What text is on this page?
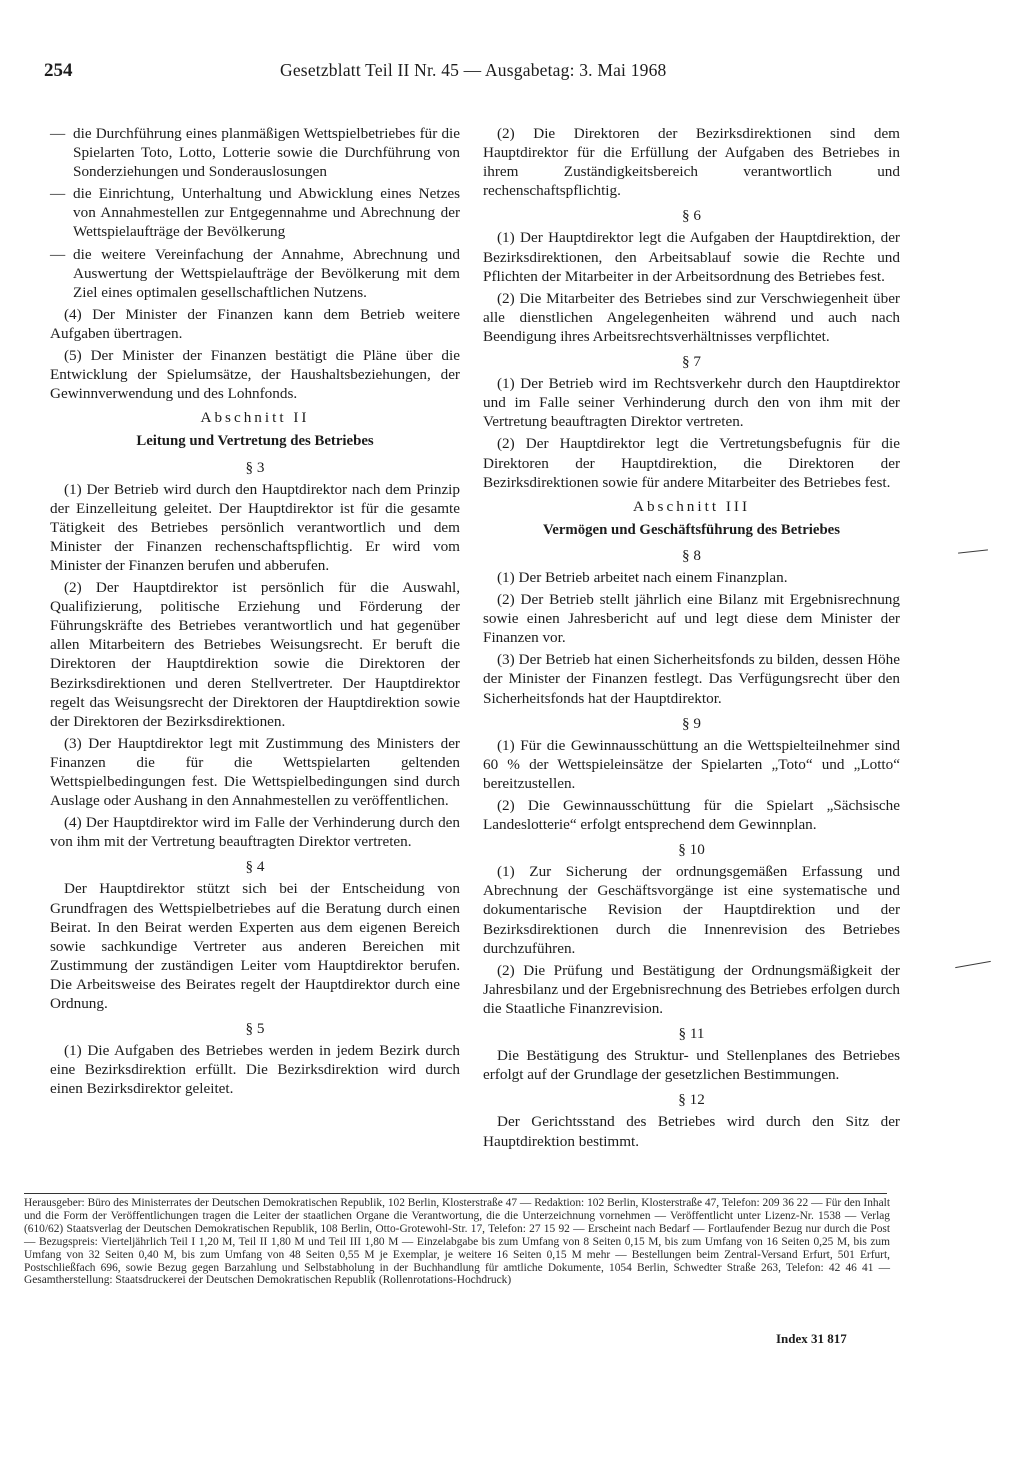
254	Gesetzblatt Teil II Nr. 45 — Ausgabetag: 3. Mai 1968

— die Durchführung eines planmäßigen Wettspielbetriebes für die Spielarten Toto, Lotto, Lotterie sowie die Durchführung von Sonderziehungen und Sonderauslosungen

— die Einrichtung, Unterhaltung und Abwicklung eines Netzes von Annahmestellen zur Entgegennahme und Abrechnung der Wettspielaufträge der Bevölkerung

— die weitere Vereinfachung der Annahme, Abrechnung und Auswertung der Wettspielaufträge der Bevölkerung mit dem Ziel eines optimalen gesellschaftlichen Nutzens.

(4) Der Minister der Finanzen kann dem Betrieb weitere Aufgaben übertragen.

(5) Der Minister der Finanzen bestätigt die Pläne über die Entwicklung der Spielumsätze, der Haushaltsbeziehungen, der Gewinnverwendung und des Lohnfonds.

Abschnitt II

Leitung und Vertretung des Betriebes

§ 3

(1) Der Betrieb wird durch den Hauptdirektor nach dem Prinzip der Einzelleitung geleitet. Der Hauptdirektor ist für die gesamte Tätigkeit des Betriebes persönlich verantwortlich und dem Minister der Finanzen rechenschaftspflichtig. Er wird vom Minister der Finanzen berufen und abberufen.

(2) Der Hauptdirektor ist persönlich für die Auswahl, Qualifizierung, politische Erziehung und Förderung der Führungskräfte des Betriebes verantwortlich und hat gegenüber allen Mitarbeitern des Betriebes Weisungsrecht. Er beruft die Direktoren der Hauptdirektion sowie die Direktoren der Bezirksdirektionen und deren Stellvertreter. Der Hauptdirektor regelt das Weisungsrecht der Direktoren der Hauptdirektion sowie der Direktoren der Bezirksdirektionen.

(3) Der Hauptdirektor legt mit Zustimmung des Ministers der Finanzen die für die Wettspielarten geltenden Wettspielbedingungen fest. Die Wettspielbedingungen sind durch Auslage oder Aushang in den Annahmestellen zu veröffentlichen.

(4) Der Hauptdirektor wird im Falle der Verhinderung durch den von ihm mit der Vertretung beauftragten Direktor vertreten.

§ 4

Der Hauptdirektor stützt sich bei der Entscheidung von Grundfragen des Wettspielbetriebes auf die Beratung durch einen Beirat. In den Beirat werden Experten aus dem eigenen Bereich sowie sachkundige Vertreter aus anderen Bereichen mit Zustimmung der zuständigen Leiter vom Hauptdirektor berufen. Die Arbeitsweise des Beirates regelt der Hauptdirektor durch eine Ordnung.

§ 5

(1) Die Aufgaben des Betriebes werden in jedem Bezirk durch eine Bezirksdirektion erfüllt. Die Bezirksdirektion wird durch einen Bezirksdirektor geleitet.

(2) Die Direktoren der Bezirksdirektionen sind dem Hauptdirektor für die Erfüllung der Aufgaben des Betriebes in ihrem Zuständigkeitsbereich verantwortlich und rechenschaftspflichtig.

§ 6

(1) Der Hauptdirektor legt die Aufgaben der Hauptdirektion, der Bezirksdirektionen, den Arbeitsablauf sowie die Rechte und Pflichten der Mitarbeiter in der Arbeitsordnung des Betriebes fest.

(2) Die Mitarbeiter des Betriebes sind zur Verschwiegenheit über alle dienstlichen Angelegenheiten während und auch nach Beendigung ihres Arbeitsrechtsverhältnisses verpflichtet.

§ 7

(1) Der Betrieb wird im Rechtsverkehr durch den Hauptdirektor und im Falle seiner Verhinderung durch den von ihm mit der Vertretung beauftragten Direktor vertreten.

(2) Der Hauptdirektor legt die Vertretungsbefugnis für die Direktoren der Hauptdirektion, die Direktoren der Bezirksdirektionen sowie für andere Mitarbeiter des Betriebes fest.

Abschnitt III

Vermögen und Geschäftsführung des Betriebes

§ 8

(1) Der Betrieb arbeitet nach einem Finanzplan.

(2) Der Betrieb stellt jährlich eine Bilanz mit Ergebnisrechnung sowie einen Jahresbericht auf und legt diese dem Minister der Finanzen vor.

(3) Der Betrieb hat einen Sicherheitsfonds zu bilden, dessen Höhe der Minister der Finanzen festlegt. Das Verfügungsrecht über den Sicherheitsfonds hat der Hauptdirektor.

§ 9

(1) Für die Gewinnausschüttung an die Wettspielteilnehmer sind 60 % der Wettspieleinsätze der Spielarten „Toto“ und „Lotto“ bereitzustellen.

(2) Die Gewinnausschüttung für die Spielart „Sächsische Landeslotterie“ erfolgt entsprechend dem Gewinnplan.

§ 10

(1) Zur Sicherung der ordnungsgemäßen Erfassung und Abrechnung der Geschäftsvorgänge ist eine systematische und dokumentarische Revision der Hauptdirektion und der Bezirksdirektionen durch die Innenrevision des Betriebes durchzuführen.

(2) Die Prüfung und Bestätigung der Ordnungsmäßigkeit der Jahresbilanz und der Ergebnisrechnung des Betriebes erfolgen durch die Staatliche Finanzrevision.

§ 11

Die Bestätigung des Struktur- und Stellenplanes des Betriebes erfolgt auf der Grundlage der gesetzlichen Bestimmungen.

§ 12

Der Gerichtsstand des Betriebes wird durch den Sitz der Hauptdirektion bestimmt.

Herausgeber: Büro des Ministerrates der Deutschen Demokratischen Republik, 102 Berlin, Klosterstraße 47 — Redaktion: 102 Berlin, Klosterstraße 47, Telefon: 209 36 22 — Für den Inhalt und die Form der Veröffentlichungen tragen die Leiter der staatlichen Organe die Verantwortung, die die Unterzeichnung vornehmen — Veröffentlicht unter Lizenz-Nr. 1538 — Verlag (610/62) Staatsverlag der Deutschen Demokratischen Republik, 108 Berlin, Otto-Grotewohl-Str. 17, Telefon: 27 15 92 — Erscheint nach Bedarf — Fortlaufender Bezug nur durch die Post — Bezugspreis: Vierteljährlich Teil I 1,20 M, Teil II 1,80 M und Teil III 1,80 M — Einzelabgabe bis zum Umfang von 8 Seiten 0,15 M, bis zum Umfang von 16 Seiten 0,25 M, bis zum Umfang von 32 Seiten 0,40 M, bis zum Umfang von 48 Seiten 0,55 M je Exemplar, je weitere 16 Seiten 0,15 M mehr — Bestellungen beim Zentral-Versand Erfurt, 501 Erfurt, Postschließfach 696, sowie Bezug gegen Barzahlung und Selbstabholung in der Buchhandlung für amtliche Dokumente, 1054 Berlin, Schwedter Straße 263, Telefon: 42 46 41 — Gesamtherstellung: Staatsdruckerei der Deutschen Demokratischen Republik (Rollenrotations-Hochdruck)
Index 31 817
